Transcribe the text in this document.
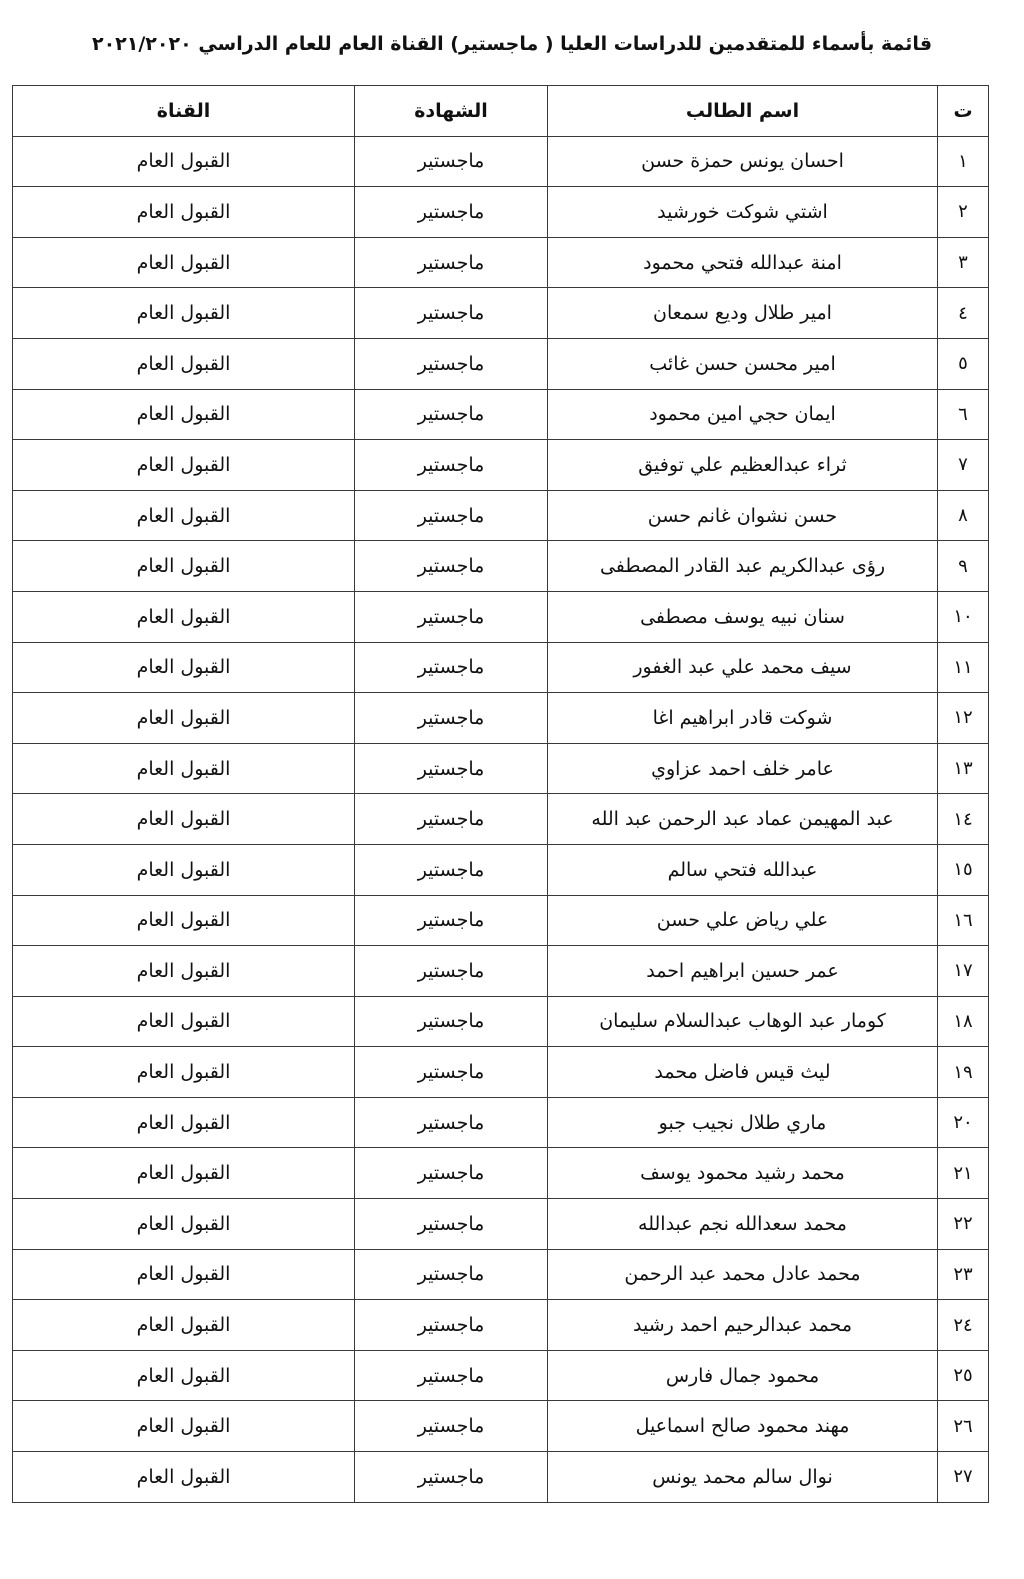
قائمة بأسماء للمتقدمين للدراسات العليا ( ماجستير) القناة العام للعام الدراسي ٢٠٢١/٢٠٢٠
ت	اسم الطالب	الشهادة	القناة
١	احسان يونس حمزة حسن	ماجستير	القبول العام
٢	اشتي شوكت خورشيد	ماجستير	القبول العام
٣	امنة عبدالله فتحي محمود	ماجستير	القبول العام
٤	امير طلال وديع سمعان	ماجستير	القبول العام
٥	امير محسن حسن غائب	ماجستير	القبول العام
٦	ايمان حجي امين محمود	ماجستير	القبول العام
٧	ثراء عبدالعظيم علي توفيق	ماجستير	القبول العام
٨	حسن نشوان غانم حسن	ماجستير	القبول العام
٩	رؤى عبدالكريم عبد القادر المصطفى	ماجستير	القبول العام
١٠	سنان نبيه يوسف مصطفى	ماجستير	القبول العام
١١	سيف محمد علي عبد الغفور	ماجستير	القبول العام
١٢	شوكت قادر ابراهيم اغا	ماجستير	القبول العام
١٣	عامر خلف احمد عزاوي	ماجستير	القبول العام
١٤	عبد المهيمن عماد عبد الرحمن عبد الله	ماجستير	القبول العام
١٥	عبدالله فتحي سالم	ماجستير	القبول العام
١٦	علي رياض علي حسن	ماجستير	القبول العام
١٧	عمر حسين ابراهيم احمد	ماجستير	القبول العام
١٨	كومار عبد الوهاب عبدالسلام سليمان	ماجستير	القبول العام
١٩	ليث قيس فاضل محمد	ماجستير	القبول العام
٢٠	ماري طلال نجيب جبو	ماجستير	القبول العام
٢١	محمد رشيد محمود يوسف	ماجستير	القبول العام
٢٢	محمد سعدالله نجم عبدالله	ماجستير	القبول العام
٢٣	محمد عادل محمد عبد الرحمن	ماجستير	القبول العام
٢٤	محمد عبدالرحيم احمد رشيد	ماجستير	القبول العام
٢٥	محمود جمال فارس	ماجستير	القبول العام
٢٦	مهند محمود صالح اسماعيل	ماجستير	القبول العام
٢٧	نوال سالم محمد يونس	ماجستير	القبول العام
